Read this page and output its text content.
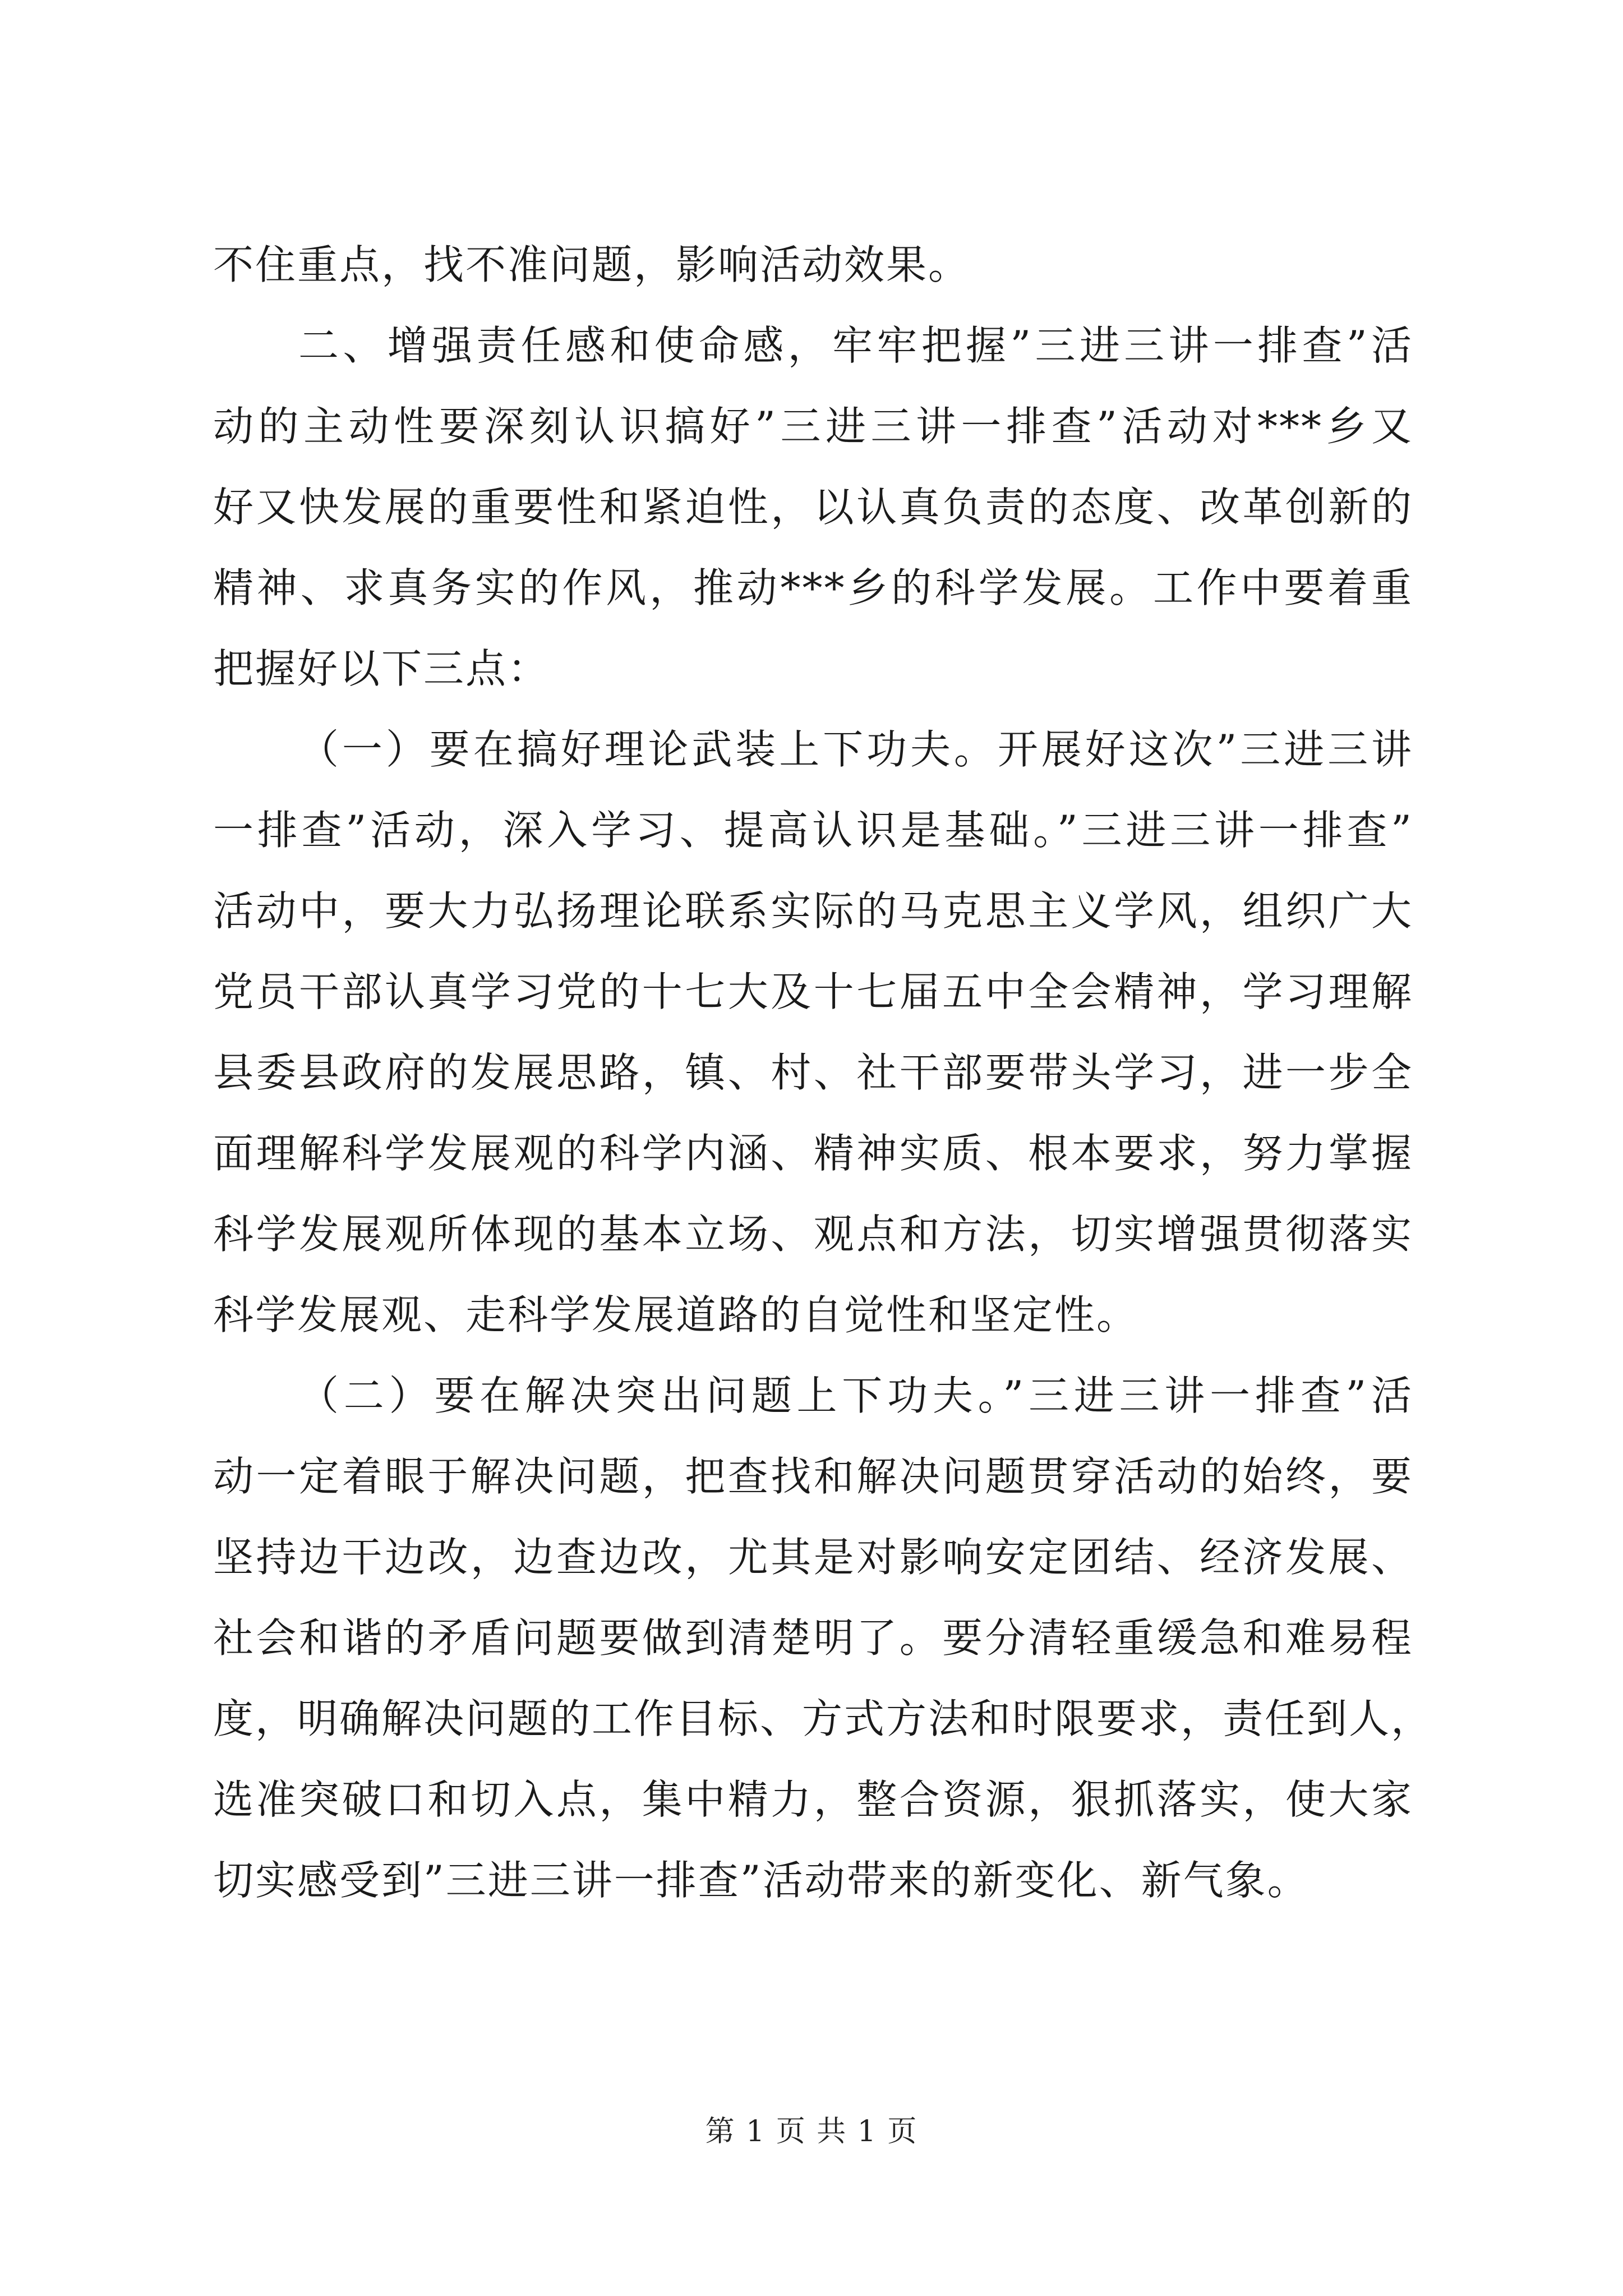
不住重点，找不准问题，影响活动效果。
二、增强责任感和使命感，牢牢把握”三进三讲一排查”活
动的主动性要深刻认识搞好”三进三讲一排查”活动对***乡又
好又快发展的重要性和紧迫性，以认真负责的态度、改革创新的
精神、求真务实的作风，推动***乡的科学发展。工作中要着重
把握好以下三点：
（一）要在搞好理论武装上下功夫。开展好这次”三进三讲
一排查”活动，深入学习、提高认识是基础。”三进三讲一排查”
活动中，要大力弘扬理论联系实际的马克思主义学风，组织广大
党员干部认真学习党的十七大及十七届五中全会精神，学习理解
县委县政府的发展思路，镇、村、社干部要带头学习，进一步全
面理解科学发展观的科学内涵、精神实质、根本要求，努力掌握
科学发展观所体现的基本立场、观点和方法，切实增强贯彻落实
科学发展观、走科学发展道路的自觉性和坚定性。
（二）要在解决突出问题上下功夫。”三进三讲一排查”活
动一定着眼于解决问题，把查找和解决问题贯穿活动的始终，要
坚持边干边改，边查边改，尤其是对影响安定团结、经济发展、
社会和谐的矛盾问题要做到清楚明了。要分清轻重缓急和难易程
度，明确解决问题的工作目标、方式方法和时限要求，责任到人，
选准突破口和切入点，集中精力，整合资源，狠抓落实，使大家
切实感受到”三进三讲一排查”活动带来的新变化、新气象。
第 1 页 共 1 页
